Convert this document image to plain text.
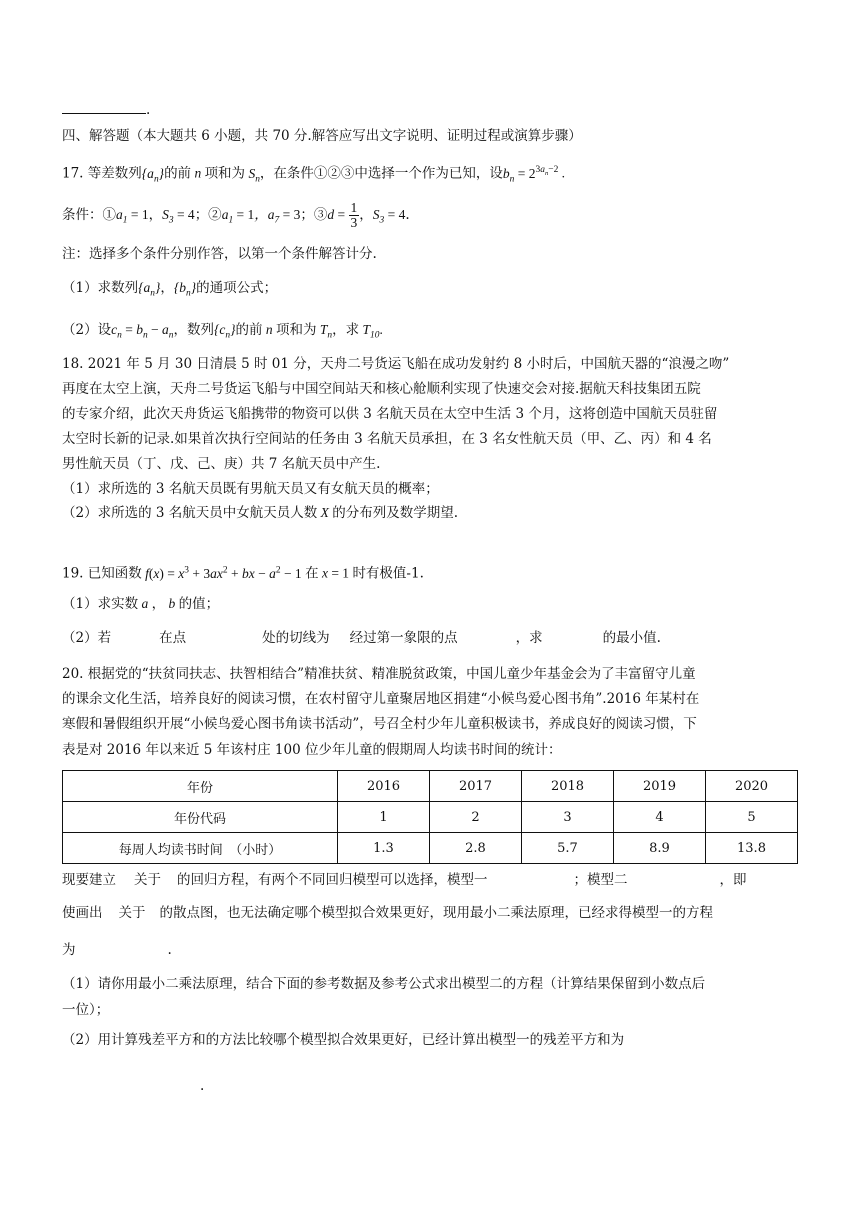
.
四、解答题（本大题共 6 小题，共 70 分.解答应写出文字说明、证明过程或演算步骤）
17. 等差数列$\{a_n\}$的前 n 项和为 $S_n$，在条件①②③中选择一个作为已知，设$b_n = 2^{3a_n-2}$ .
条件：$①a_1 = 1$，$S_3 = 4$；$②a_1 = 1$，$a_7 = 3$；③d = $\frac{1}{3}$ ，$S_3 = 4$.
注：选择多个条件分别作答，以第一个条件解答计分.
（1）求数列$\{a_n\}$，$\{b_n\}$的通项公式；
（2）设$c_n = b_n - a_n$，数列$\{c_n\}$的前 n 项和为 $T_n$，求 $T_{10}$.
18. 2021 年 5 月 30 日清晨 5 时 01 分，天舟二号货运飞船在成功发射约 8 小时后，中国航天器的“浪漫之吻”
再度在太空上演，天舟二号货运飞船与中国空间站天和核心舱顺利实现了快速交会对接.据航天科技集团五院
的专家介绍，此次天舟货运飞船携带的物资可以供 3 名航天员在太空中生活 3 个月，这将创造中国航天员驻留
太空时长新的记录.如果首次执行空间站的任务由 3 名航天员承担，在 3 名女性航天员（甲、乙、丙）和 4 名
男性航天员（丁、戊、己、庚）共 7 名航天员中产生.
（1）求所选的 3 名航天员既有男航天员又有女航天员的概率；
（2）求所选的 3 名航天员中女航天员人数 X 的分布列及数学期望.
19. 已知函数 $f(x) = x^3 + 3ax^2$ + bx − $a^2 - 1$ 在 x = 1 时有极值-1.
（1）求实数 a ， b 的值；
（2）若	在点	处的切线为 经过第一象限的点	，求	的最小值.
20. 根据党的“扶贫同扶志、扶智相结合”精准扶贫、精准脱贫政策，中国儿童少年基金会为了丰富留守儿童
的课余文化生活，培养良好的阅读习惯，在农村留守儿童聚居地区捐建“小候鸟爱心图书角”.2016 年某村在
寒假和暑假组织开展“小候鸟爱心图书角读书活动”，号召全村少年儿童积极读书，养成良好的阅读习惯，下
表是对 2016 年以来近 5 年该村庄 100 位少年儿童的假期周人均读书时间的统计：
年份	2016	2017	2018	2019	2020
年份代码	1	2	3	4	5
每周人均读书时间　（小时）	1.3	2.8	5.7	8.9	13.8
现要建立 关于 的回归方程，有两个不同回归模型可以选择，模型一	；模型二	，即
使画出 关于 的散点图，也无法确定哪个模型拟合效果更好，现用最小二乘法原理，已经求得模型一的方程
为	.
（1）请你用最小二乘法原理，结合下面的参考数据及参考公式求出模型二的方程（计算结果保留到小数点后
一位）；
（2）用计算残差平方和的方法比较哪个模型拟合效果更好，已经计算出模型一的残差平方和为
.
